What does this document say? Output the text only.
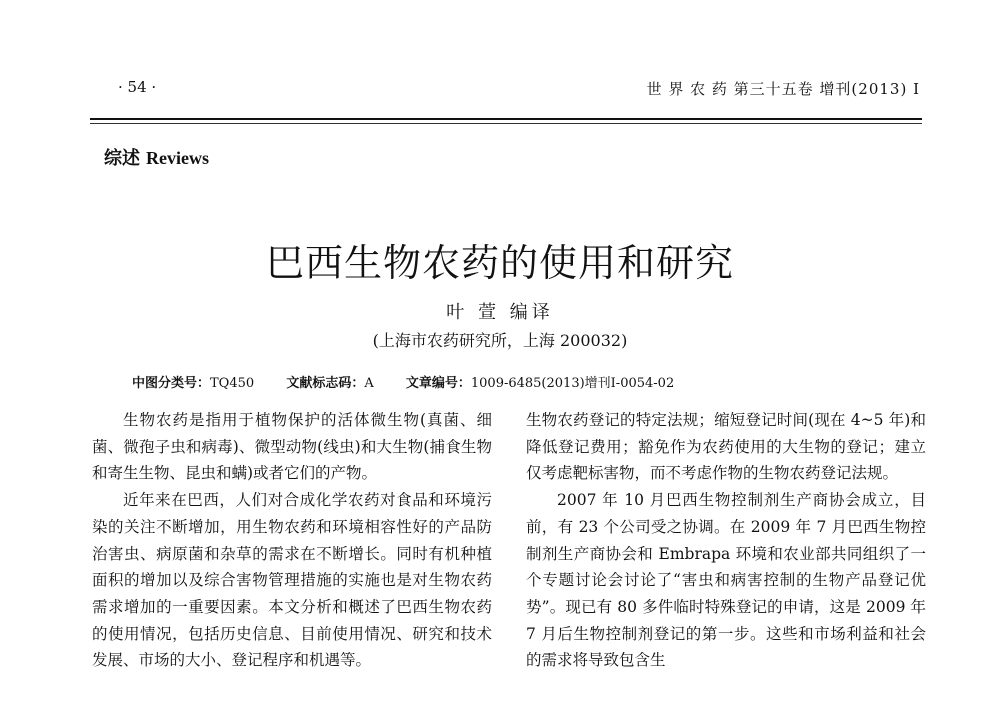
· 54 ·	世 界 农 药 第三十五卷 增刊(2013) Ⅰ
综述 Reviews
巴西生物农药的使用和研究
叶 萱 编译
(上海市农药研究所，上海 200032)
中图分类号：TQ450 文献标志码：A 文章编号：1009-6485(2013)增刊Ⅰ-0054-02

生物农药是指用于植物保护的活体微生物(真菌、细菌、微孢子虫和病毒)、微型动物(线虫)和大生物(捕食生物和寄生生物、昆虫和螨)或者它们的产物。

近年来在巴西，人们对合成化学农药对食品和环境污染的关注不断增加，用生物农药和环境相容性好的产品防治害虫、病原菌和杂草的需求在不断增长。同时有机种植面积的增加以及综合害物管理措施的实施也是对生物农药需求增加的一重要因素。本文分析和概述了巴西生物农药的使用情况，包括历史信息、目前使用情况、研究和技术发展、市场的大小、登记程序和机遇等。

生物农药登记的特定法规；缩短登记时间(现在 4~5 年)和降低登记费用；豁免作为农药使用的大生物的登记；建立仅考虑靶标害物，而不考虑作物的生物农药登记法规。

2007 年 10 月巴西生物控制剂生产商协会成立，目前，有 23 个公司受之协调。在 2009 年 7 月巴西生物控制剂生产商协会和 Embrapa 环境和农业部共同组织了一个专题讨论会讨论了“害虫和病害控制的生物产品登记优势”。现已有 80 多件临时特殊登记的申请，这是 2009 年 7 月后生物控制剂登记的第一步。这些和市场利益和社会的需求将导致包含生
